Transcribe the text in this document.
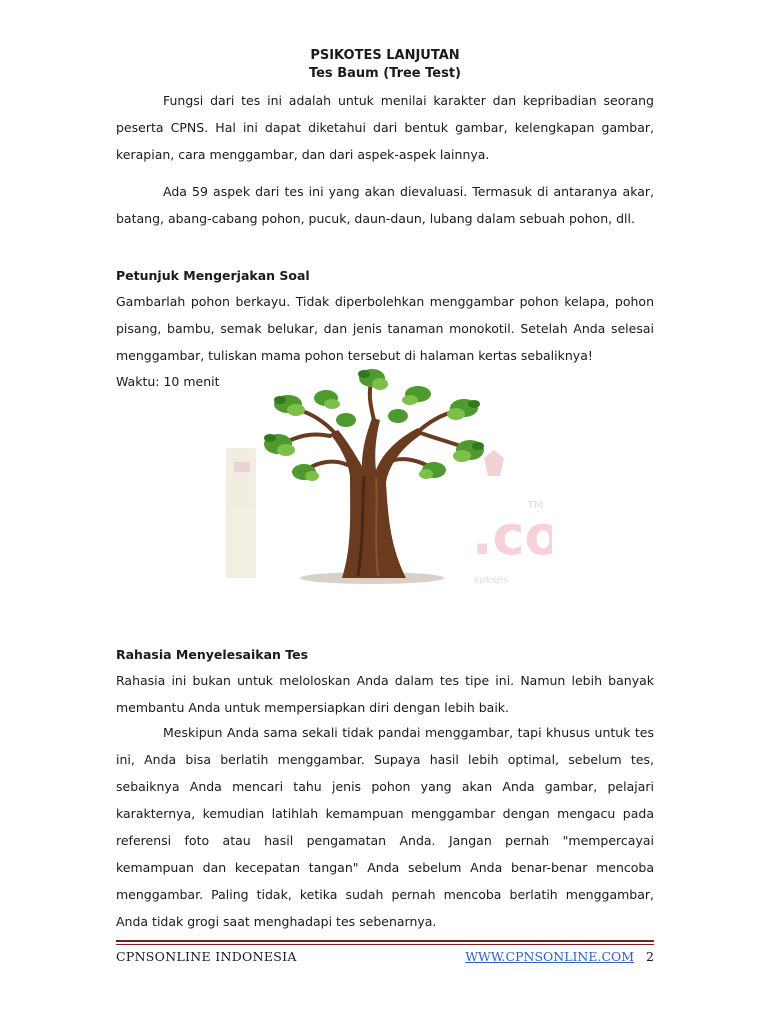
PSIKOTES LANJUTAN
Tes Baum (Tree Test)

Fungsi dari tes ini adalah untuk menilai karakter dan kepribadian seorang peserta CPNS. Hal ini dapat diketahui dari bentuk gambar, kelengkapan gambar, kerapian, cara menggambar, dan dari aspek-aspek lainnya.

Ada 59 aspek dari tes ini yang akan dievaluasi. Termasuk di antaranya akar, batang, abang-cabang pohon, pucuk, daun-daun, lubang dalam sebuah pohon, dll.

Petunjuk Mengerjakan Soal

Gambarlah pohon berkayu. Tidak diperbolehkan menggambar pohon kelapa, pohon pisang, bambu, semak belukar, dan jenis tanaman monokotil. Setelah Anda selesai menggambar, tuliskan mama pohon tersebut di halaman kertas sebaliknya!

Waktu: 10 menit
Rahasia Menyelesaikan Tes

Rahasia ini bukan untuk meloloskan Anda dalam tes tipe ini. Namun lebih banyak membantu Anda untuk mempersiapkan diri dengan lebih baik.

Meskipun Anda sama sekali tidak pandai menggambar, tapi khusus untuk tes ini, Anda bisa berlatih menggambar. Supaya hasil lebih optimal, sebelum tes, sebaiknya Anda mencari tahu jenis pohon yang akan Anda gambar, pelajari karakternya, kemudian latihlah kemampuan menggambar dengan mengacu pada referensi foto atau hasil pengamatan Anda. Jangan pernah "mempercayai kemampuan dan kecepatan tangan" Anda sebelum Anda benar-benar mencoba menggambar. Paling tidak, ketika sudah pernah mencoba berlatih menggambar, Anda tidak grogi saat menghadapi tes sebenarnya.

.co
TM
sukses
CPNSONLINE INDONESIA	WWW.CPNSONLINE.COM 2
